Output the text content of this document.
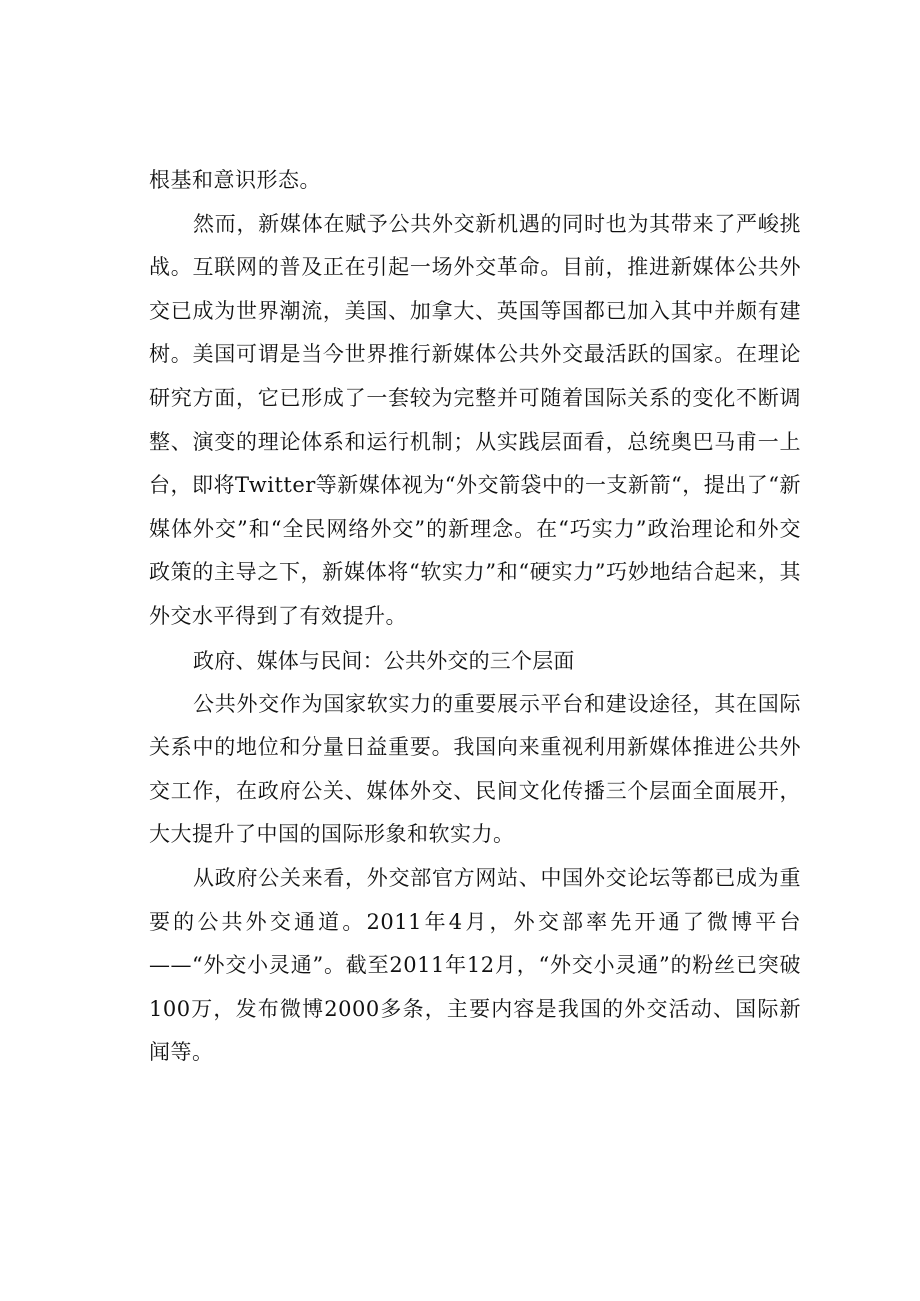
根基和意识形态。

然而，新媒体在赋予公共外交新机遇的同时也为其带来了严峻挑战。互联网的普及正在引起一场外交革命。目前，推进新媒体公共外交已成为世界潮流，美国、加拿大、英国等国都已加入其中并颇有建树。美国可谓是当今世界推行新媒体公共外交最活跃的国家。在理论研究方面，它已形成了一套较为完整并可随着国际关系的变化不断调整、演变的理论体系和运行机制；从实践层面看，总统奥巴马甫一上台，即将Twitter等新媒体视为“外交箭袋中的一支新箭“，提出了“新媒体外交”和“全民网络外交”的新理念。在“巧实力”政治理论和外交政策的主导之下，新媒体将“软实力”和“硬实力”巧妙地结合起来，其外交水平得到了有效提升。

政府、媒体与民间：公共外交的三个层面

公共外交作为国家软实力的重要展示平台和建设途径，其在国际关系中的地位和分量日益重要。我国向来重视利用新媒体推进公共外交工作，在政府公关、媒体外交、民间文化传播三个层面全面展开，大大提升了中国的国际形象和软实力。

从政府公关来看，外交部官方网站、中国外交论坛等都已成为重要的公共外交通道。2011年4月，外交部率先开通了微博平台——“外交小灵通”。截至2011年12月，“外交小灵通”的粉丝已突破100万，发布微博2000多条，主要内容是我国的外交活动、国际新闻等。
